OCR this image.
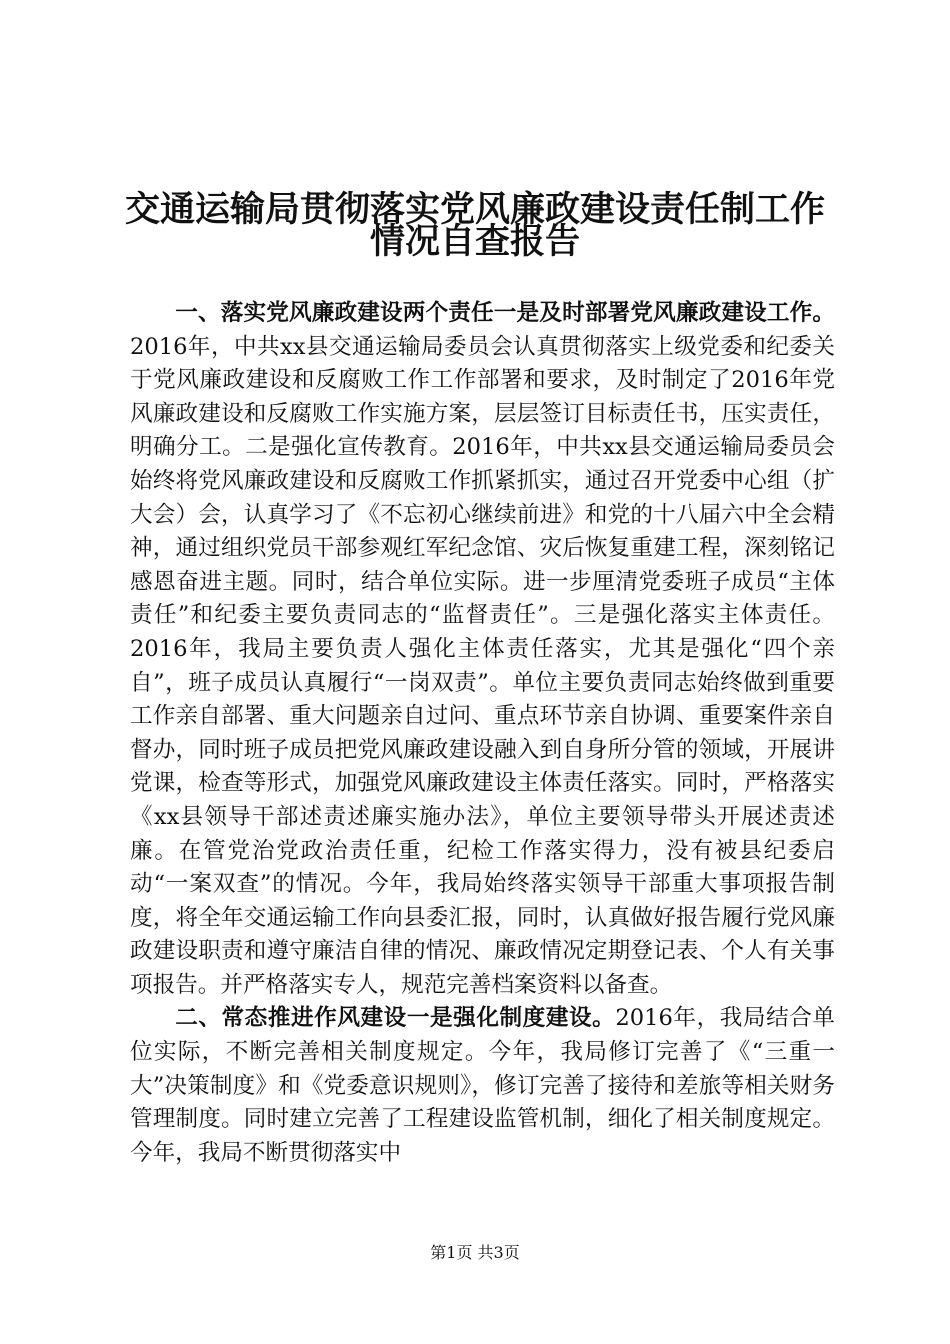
交通运输局贯彻落实党风廉政建设责任制工作
情况自查报告

一、落实党风廉政建设两个责任一是及时部署党风廉政建设工作。2016年，中共xx县交通运输局委员会认真贯彻落实上级党委和纪委关于党风廉政建设和反腐败工作工作部署和要求，及时制定了2016年党风廉政建设和反腐败工作实施方案，层层签订目标责任书，压实责任，明确分工。二是强化宣传教育。2016年，中共xx县交通运输局委员会始终将党风廉政建设和反腐败工作抓紧抓实，通过召开党委中心组（扩大会）会，认真学习了《不忘初心继续前进》和党的十八届六中全会精神，通过组织党员干部参观红军纪念馆、灾后恢复重建工程，深刻铭记感恩奋进主题。同时，结合单位实际。进一步厘清党委班子成员“主体责任”和纪委主要负责同志的“监督责任”。三是强化落实主体责任。2016年，我局主要负责人强化主体责任落实，尤其是强化“四个亲自”，班子成员认真履行“一岗双责”。单位主要负责同志始终做到重要工作亲自部署、重大问题亲自过问、重点环节亲自协调、重要案件亲自督办，同时班子成员把党风廉政建设融入到自身所分管的领域，开展讲党课，检查等形式，加强党风廉政建设主体责任落实。同时，严格落实《xx县领导干部述责述廉实施办法》，单位主要领导带头开展述责述廉。在管党治党政治责任重，纪检工作落实得力，没有被县纪委启动“一案双查”的情况。今年，我局始终落实领导干部重大事项报告制度，将全年交通运输工作向县委汇报，同时，认真做好报告履行党风廉政建设职责和遵守廉洁自律的情况、廉政情况定期登记表、个人有关事项报告。并严格落实专人，规范完善档案资料以备查。

二、常态推进作风建设一是强化制度建设。2016年，我局结合单位实际，不断完善相关制度规定。今年，我局修订完善了《“三重一大”决策制度》和《党委意识规则》，修订完善了接待和差旅等相关财务管理制度。同时建立完善了工程建设监管机制，细化了相关制度规定。今年，我局不断贯彻落实中

第1页 共3页
